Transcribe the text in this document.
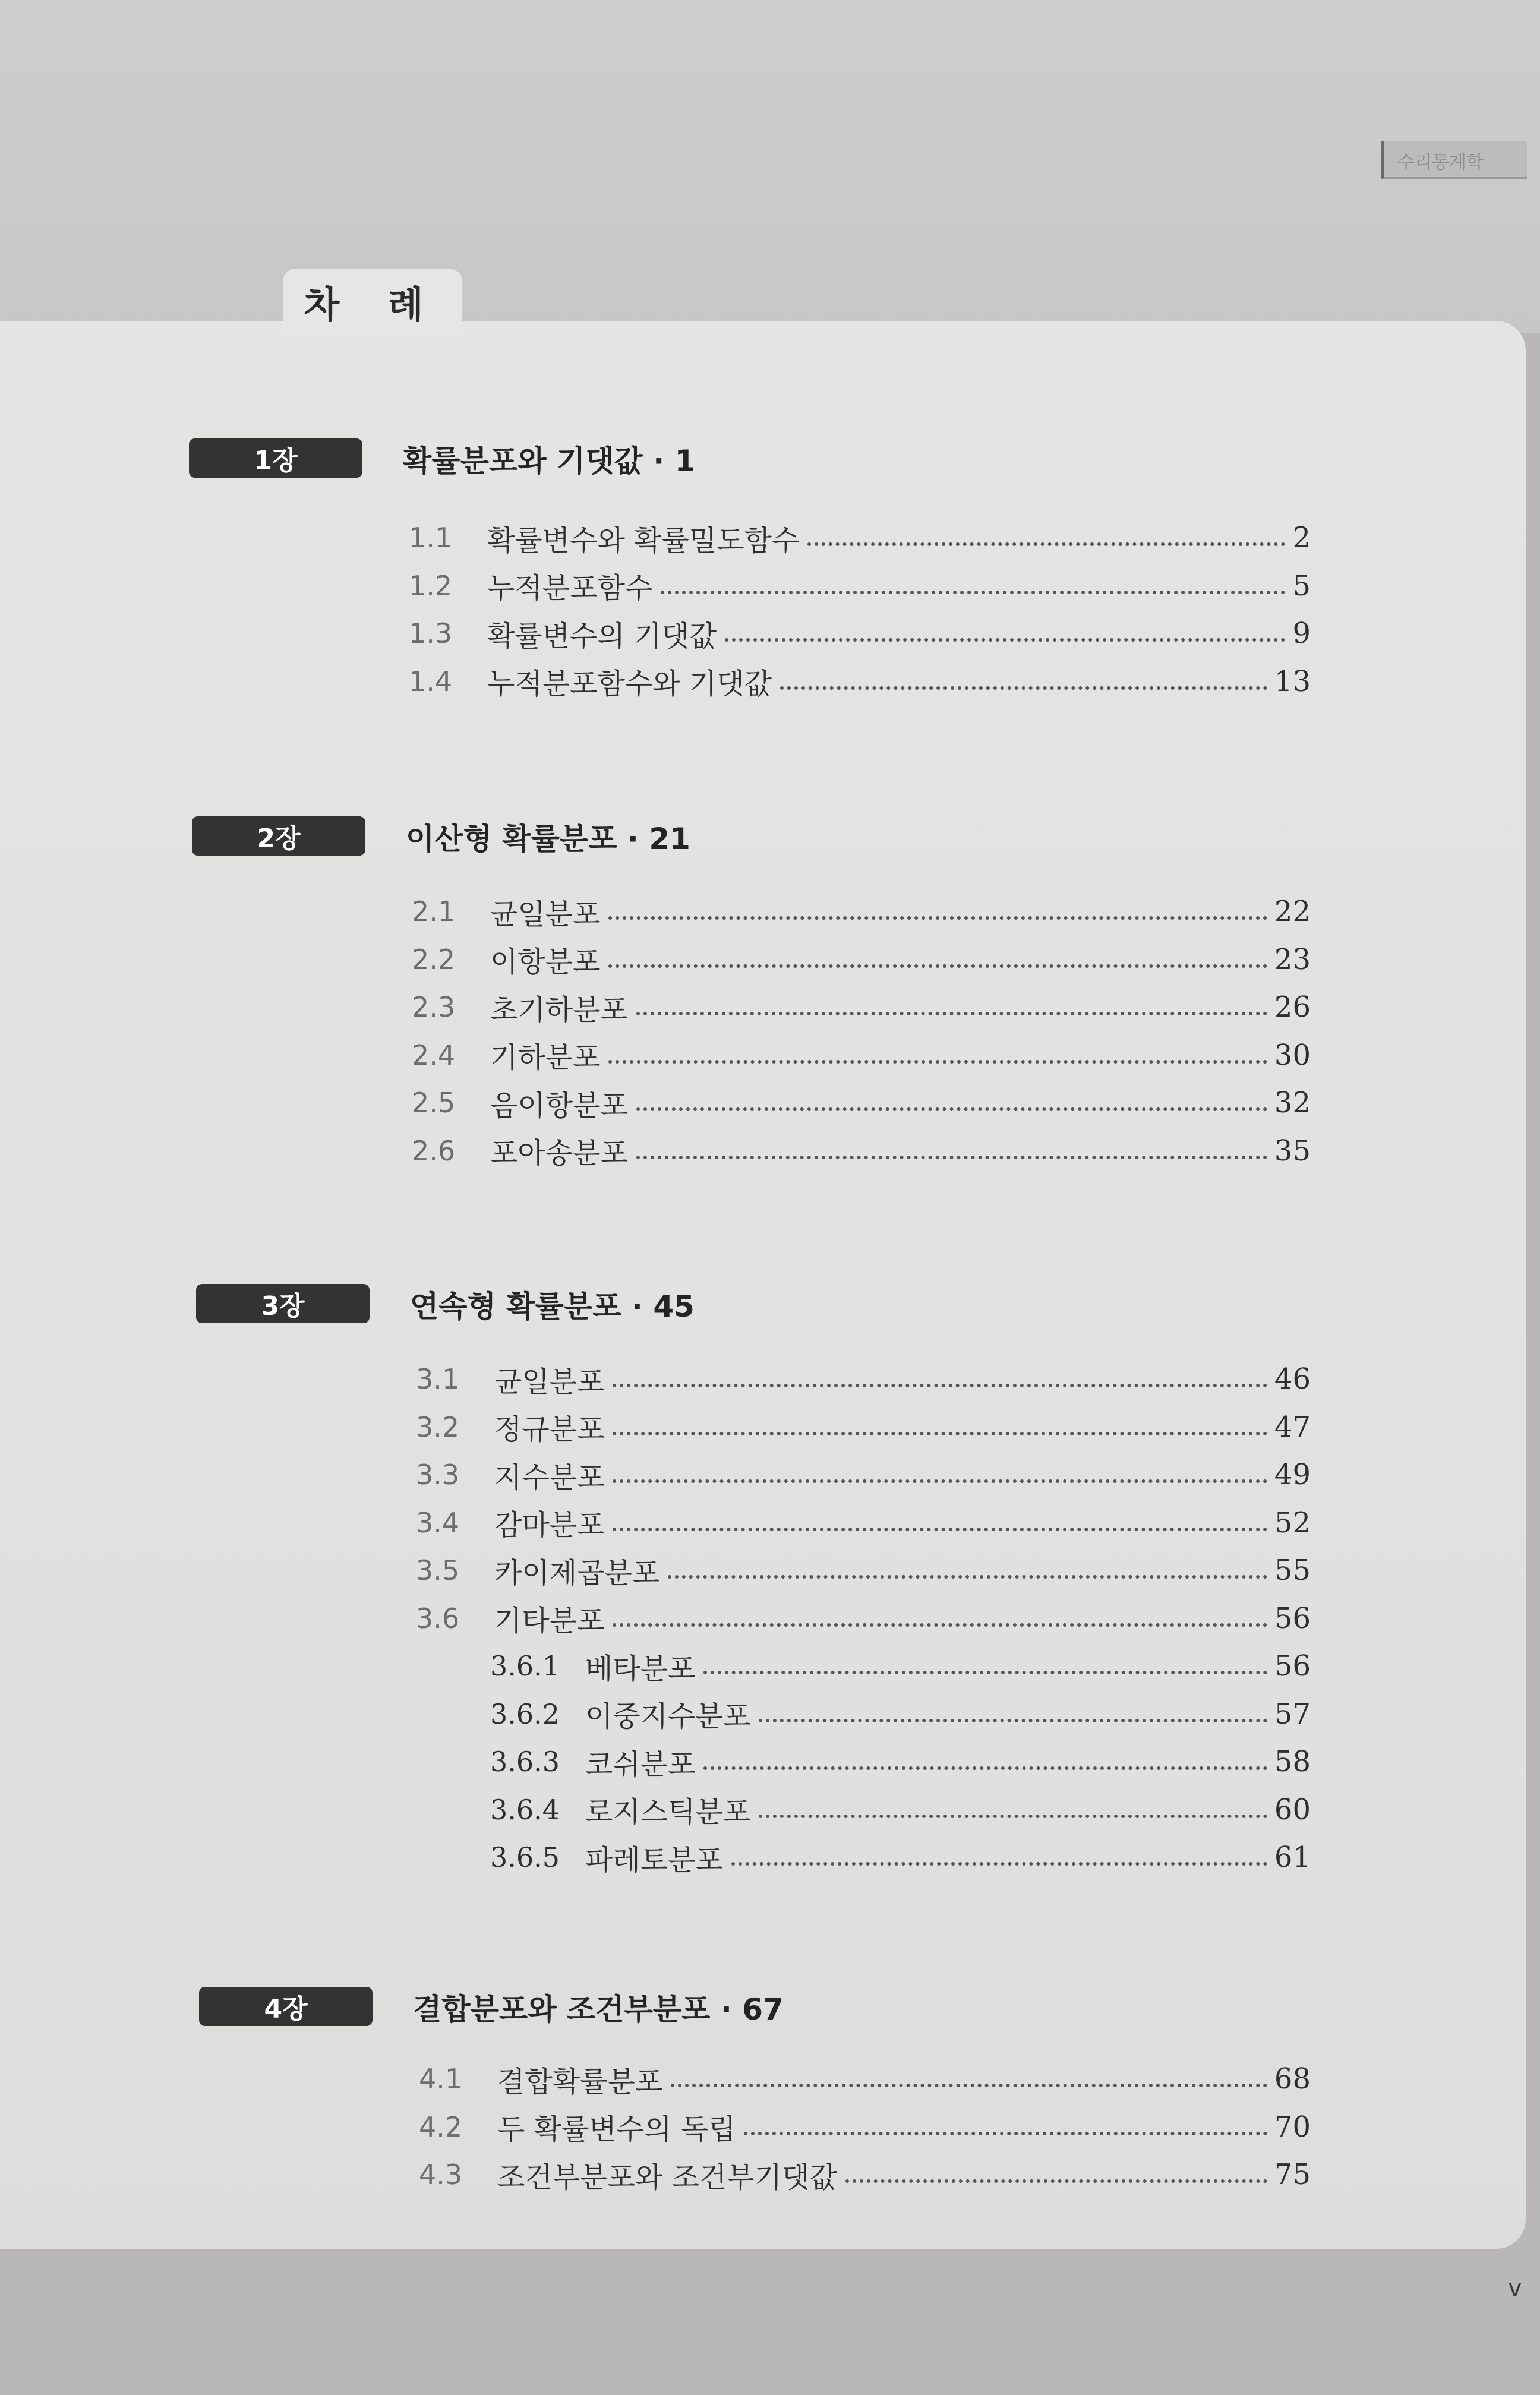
수리통계학
차 례
1장	확률분포와 기댓값 · 1
1.1	확률변수와 확률밀도함수	2
1.2	누적분포함수	5
1.3	확률변수의 기댓값	9
1.4	누적분포함수와 기댓값	13
2장	이산형 확률분포 · 21
2.1	균일분포	22
2.2	이항분포	23
2.3	초기하분포	26
2.4	기하분포	30
2.5	음이항분포	32
2.6	포아송분포	35
3장	연속형 확률분포 · 45
3.1	균일분포	46
3.2	정규분포	47
3.3	지수분포	49
3.4	감마분포	52
3.5	카이제곱분포	55
3.6	기타분포	56
3.6.1 베타분포	56
3.6.2 이중지수분포	57
3.6.3 코쉬분포	58
3.6.4 로지스틱분포	60
3.6.5 파레토분포	61
4장	결합분포와 조건부분포 · 67
4.1	결합확률분포	68
4.2	두 확률변수의 독립	70
4.3	조건부분포와 조건부기댓값	75
v
